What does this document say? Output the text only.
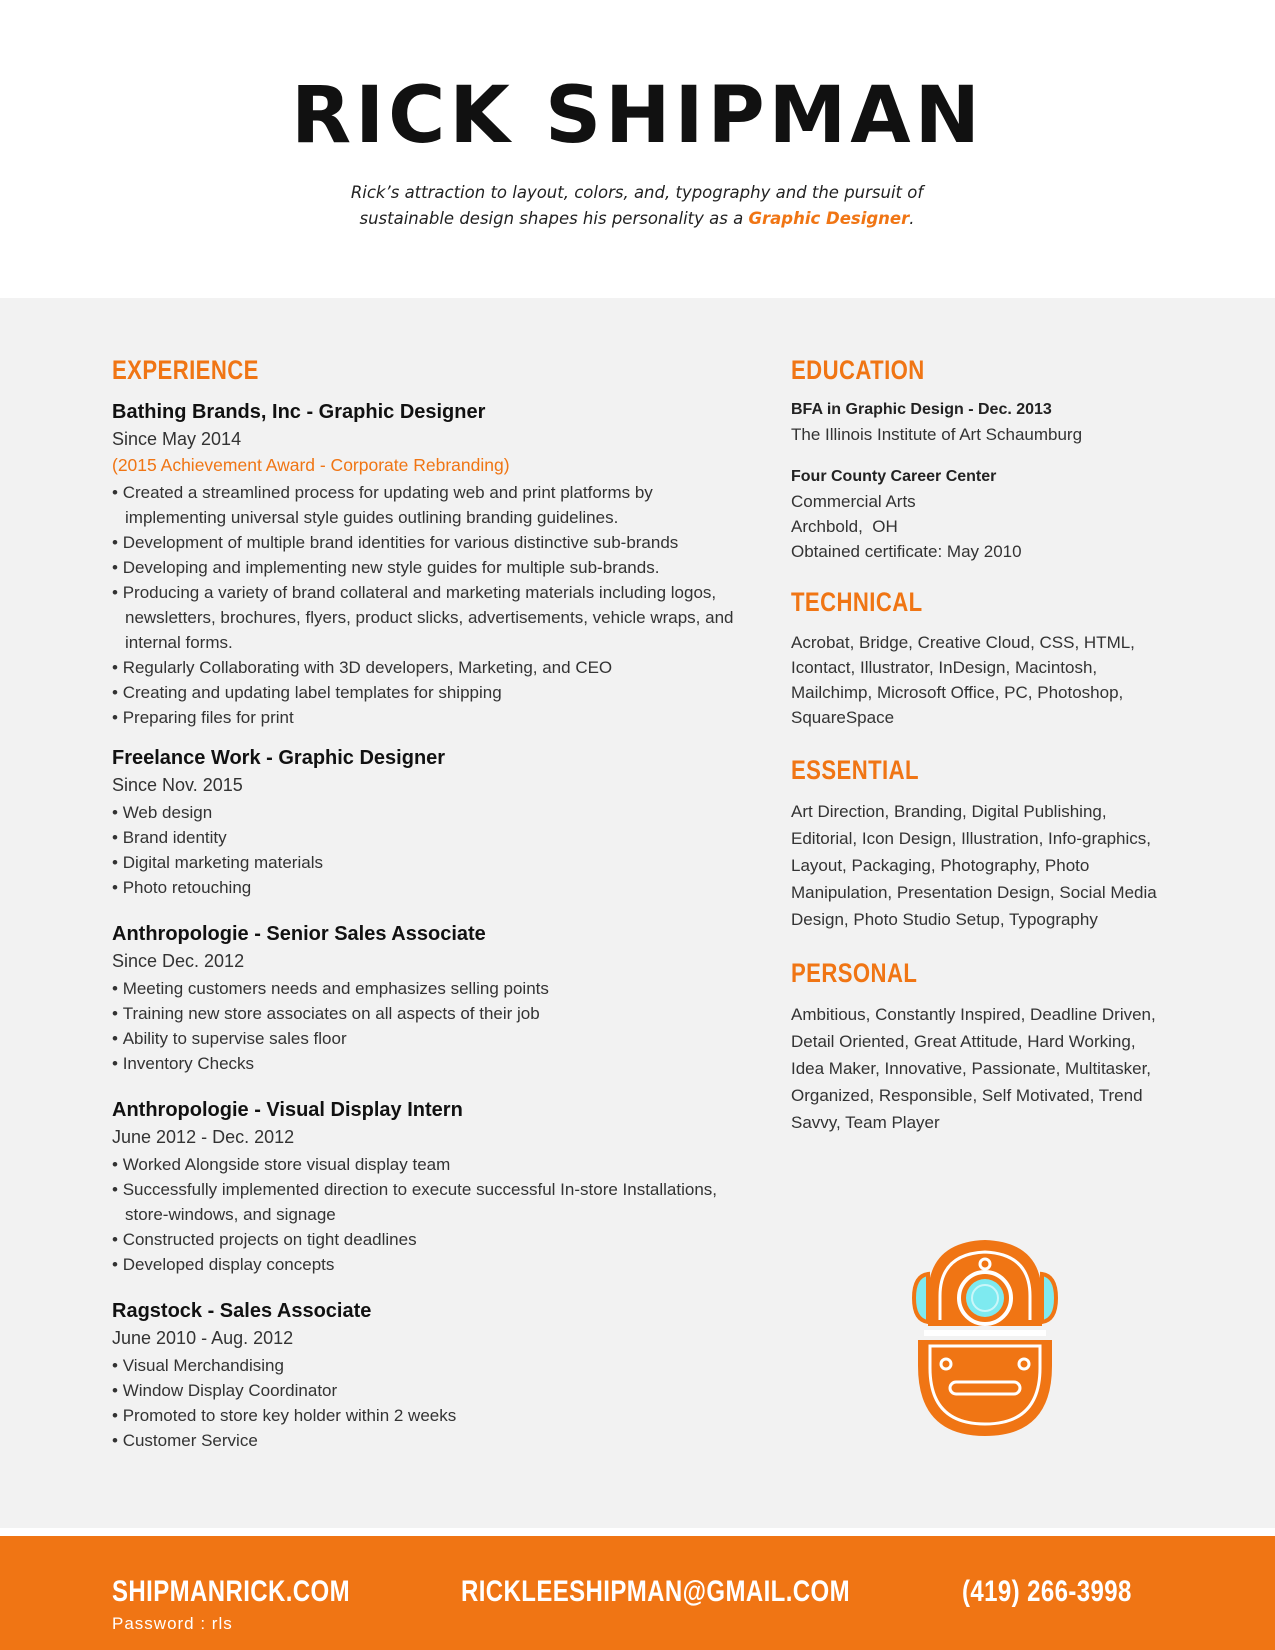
RICK SHIPMAN
Rick’s attraction to layout, colors, and, typography and the pursuit of
sustainable design shapes his personality as a Graphic Designer.
EXPERIENCE
Bathing Brands, Inc - Graphic Designer
Since May 2014
(2015 Achievement Award - Corporate Rebranding)
• Created a streamlined process for updating web and print platforms by implementing universal style guides outlining branding guidelines.
• Development of multiple brand identities for various distinctive sub-brands
• Developing and implementing new style guides for multiple sub-brands.
• Producing a variety of brand collateral and marketing materials including logos, newsletters, brochures, flyers, product slicks, advertisements, vehicle wraps, and internal forms.
• Regularly Collaborating with 3D developers, Marketing, and CEO
• Creating and updating label templates for shipping
• Preparing files for print
Freelance Work - Graphic Designer
Since Nov. 2015
• Web design
• Brand identity
• Digital marketing materials
• Photo retouching
Anthropologie - Senior Sales Associate
Since Dec. 2012
• Meeting customers needs and emphasizes selling points
• Training new store associates on all aspects of their job
• Ability to supervise sales floor
• Inventory Checks
Anthropologie - Visual Display Intern
June 2012 - Dec. 2012
• Worked Alongside store visual display team
• Successfully implemented direction to execute successful In-store Installations, store-windows, and signage
• Constructed projects on tight deadlines
• Developed display concepts
Ragstock - Sales Associate
June 2010 - Aug. 2012
• Visual Merchandising
• Window Display Coordinator
• Promoted to store key holder within 2 weeks
• Customer Service
EDUCATION
BFA in Graphic Design - Dec. 2013
The Illinois Institute of Art Schaumburg
Four County Career Center
Commercial Arts
Archbold,  OH
Obtained certificate: May 2010
TECHNICAL

Acrobat, Bridge, Creative Cloud, CSS, HTML, Icontact, Illustrator, InDesign, Macintosh, Mailchimp, Microsoft Office, PC, Photoshop, SquareSpace

ESSENTIAL

Art Direction, Branding, Digital Publishing, Editorial, Icon Design, Illustration, Info-graphics, Layout, Packaging, Photography, Photo Manipulation, Presentation Design, Social Media Design, Photo Studio Setup, Typography

PERSONAL

Ambitious, Constantly Inspired, Deadline Driven, Detail Oriented, Great Attitude, Hard Working, Idea Maker, Innovative, Passionate, Multitasker, Organized, Responsible, Self Motivated, Trend Savvy, Team Player

SHIPMANRICK.COM
Password : rls
RICKLEESHIPMAN@GMAIL.COM	(419) 266-3998
